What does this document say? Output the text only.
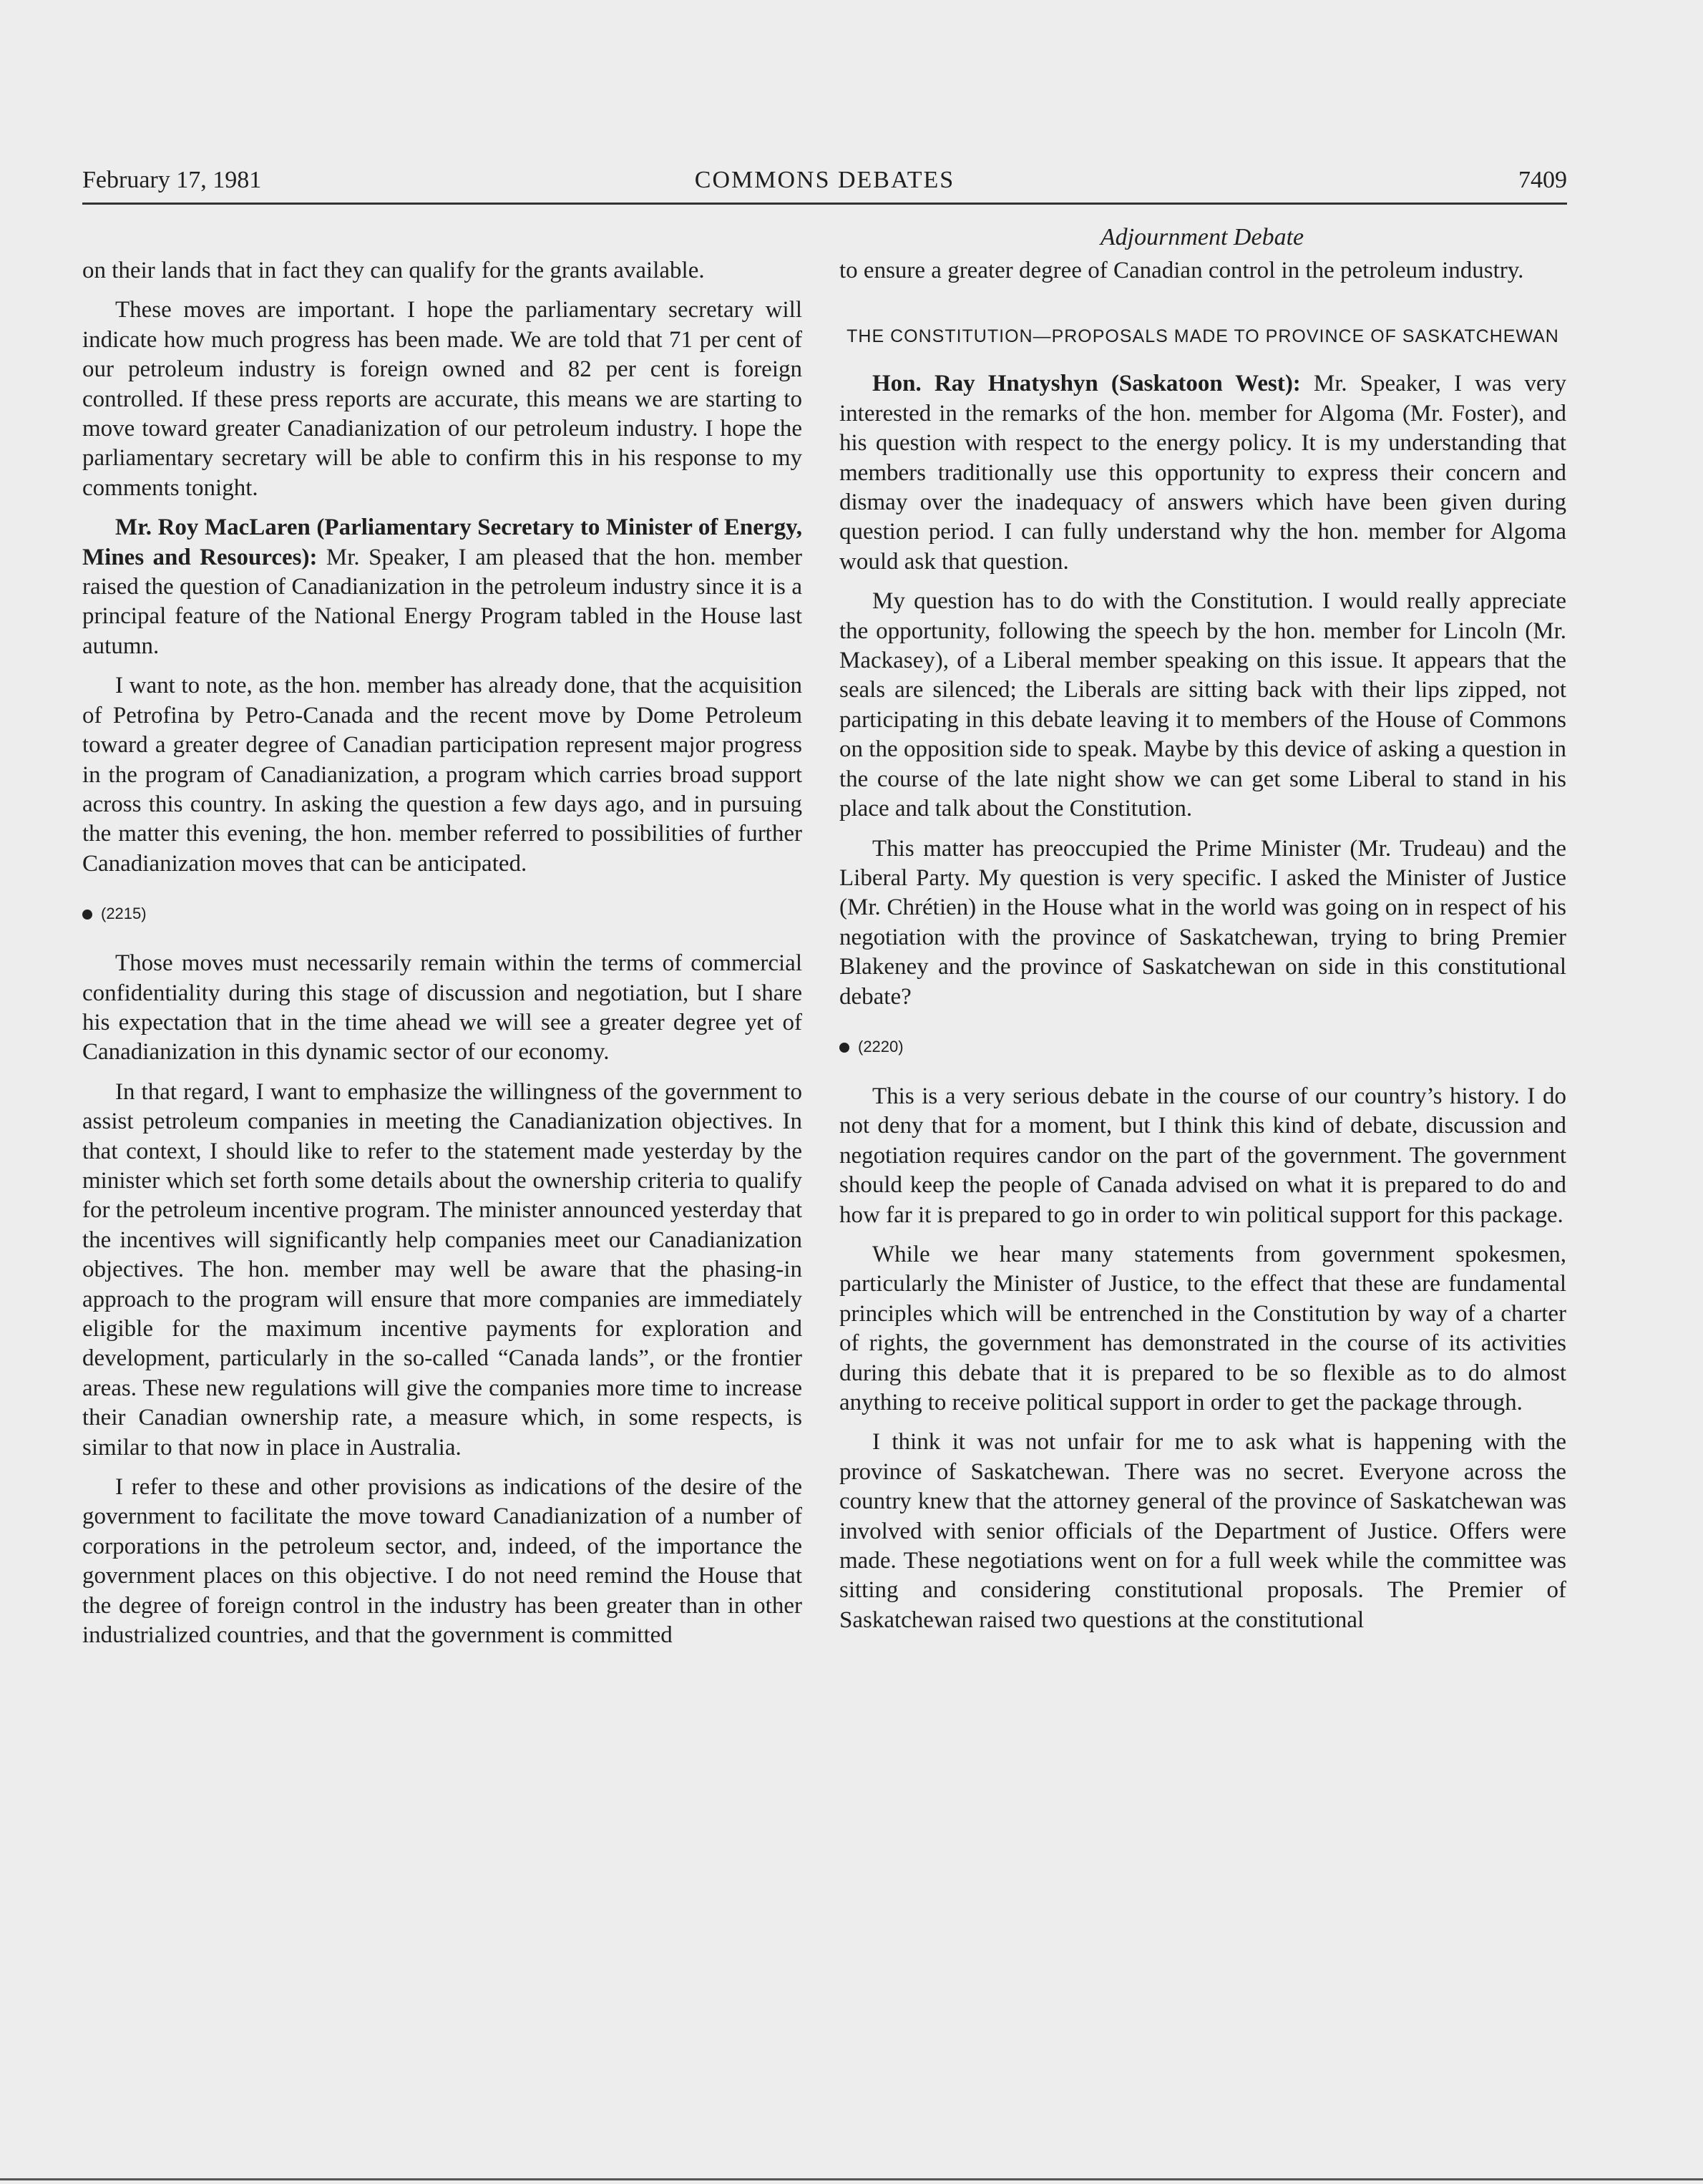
February 17, 1981	COMMONS DEBATES	7409
Adjournment Debate

on their lands that in fact they can qualify for the grants available.

These moves are important. I hope the parliamentary secretary will indicate how much progress has been made. We are told that 71 per cent of our petroleum industry is foreign owned and 82 per cent is foreign controlled. If these press reports are accurate, this means we are starting to move toward greater Canadianization of our petroleum industry. I hope the parliamentary secretary will be able to confirm this in his response to my comments tonight.

Mr. Roy MacLaren (Parliamentary Secretary to Minister of Energy, Mines and Resources): Mr. Speaker, I am pleased that the hon. member raised the question of Canadianization in the petroleum industry since it is a principal feature of the National Energy Program tabled in the House last autumn.

I want to note, as the hon. member has already done, that the acquisition of Petrofina by Petro-Canada and the recent move by Dome Petroleum toward a greater degree of Canadian participation represent major progress in the program of Canadianization, a program which carries broad support across this country. In asking the question a few days ago, and in pursuing the matter this evening, the hon. member referred to possibilities of further Canadianization moves that can be anticipated.

(2215)

Those moves must necessarily remain within the terms of commercial confidentiality during this stage of discussion and negotiation, but I share his expectation that in the time ahead we will see a greater degree yet of Canadianization in this dynamic sector of our economy.

In that regard, I want to emphasize the willingness of the government to assist petroleum companies in meeting the Canadianization objectives. In that context, I should like to refer to the statement made yesterday by the minister which set forth some details about the ownership criteria to qualify for the petroleum incentive program. The minister announced yesterday that the incentives will significantly help companies meet our Canadianization objectives. The hon. member may well be aware that the phasing-in approach to the program will ensure that more companies are immediately eligible for the maximum incentive payments for exploration and development, particularly in the so-called “Canada lands”, or the frontier areas. These new regulations will give the companies more time to increase their Canadian ownership rate, a measure which, in some respects, is similar to that now in place in Australia.

I refer to these and other provisions as indications of the desire of the government to facilitate the move toward Canadianization of a number of corporations in the petroleum sector, and, indeed, of the importance the government places on this objective. I do not need remind the House that the degree of foreign control in the industry has been greater than in other industrialized countries, and that the government is committed

to ensure a greater degree of Canadian control in the petroleum industry.

THE CONSTITUTION—PROPOSALS MADE TO PROVINCE OF SASKATCHEWAN

Hon. Ray Hnatyshyn (Saskatoon West): Mr. Speaker, I was very interested in the remarks of the hon. member for Algoma (Mr. Foster), and his question with respect to the energy policy. It is my understanding that members traditionally use this opportunity to express their concern and dismay over the inadequacy of answers which have been given during question period. I can fully understand why the hon. member for Algoma would ask that question.

My question has to do with the Constitution. I would really appreciate the opportunity, following the speech by the hon. member for Lincoln (Mr. Mackasey), of a Liberal member speaking on this issue. It appears that the seals are silenced; the Liberals are sitting back with their lips zipped, not participating in this debate leaving it to members of the House of Commons on the opposition side to speak. Maybe by this device of asking a question in the course of the late night show we can get some Liberal to stand in his place and talk about the Constitution.

This matter has preoccupied the Prime Minister (Mr. Trudeau) and the Liberal Party. My question is very specific. I asked the Minister of Justice (Mr. Chrétien) in the House what in the world was going on in respect of his negotiation with the province of Saskatchewan, trying to bring Premier Blakeney and the province of Saskatchewan on side in this constitutional debate?

(2220)

This is a very serious debate in the course of our country’s history. I do not deny that for a moment, but I think this kind of debate, discussion and negotiation requires candor on the part of the government. The government should keep the people of Canada advised on what it is prepared to do and how far it is prepared to go in order to win political support for this package.

While we hear many statements from government spokesmen, particularly the Minister of Justice, to the effect that these are fundamental principles which will be entrenched in the Constitution by way of a charter of rights, the government has demonstrated in the course of its activities during this debate that it is prepared to be so flexible as to do almost anything to receive political support in order to get the package through.

I think it was not unfair for me to ask what is happening with the province of Saskatchewan. There was no secret. Everyone across the country knew that the attorney general of the province of Saskatchewan was involved with senior officials of the Department of Justice. Offers were made. These negotiations went on for a full week while the committee was sitting and considering constitutional proposals. The Premier of Saskatchewan raised two questions at the constitutional
